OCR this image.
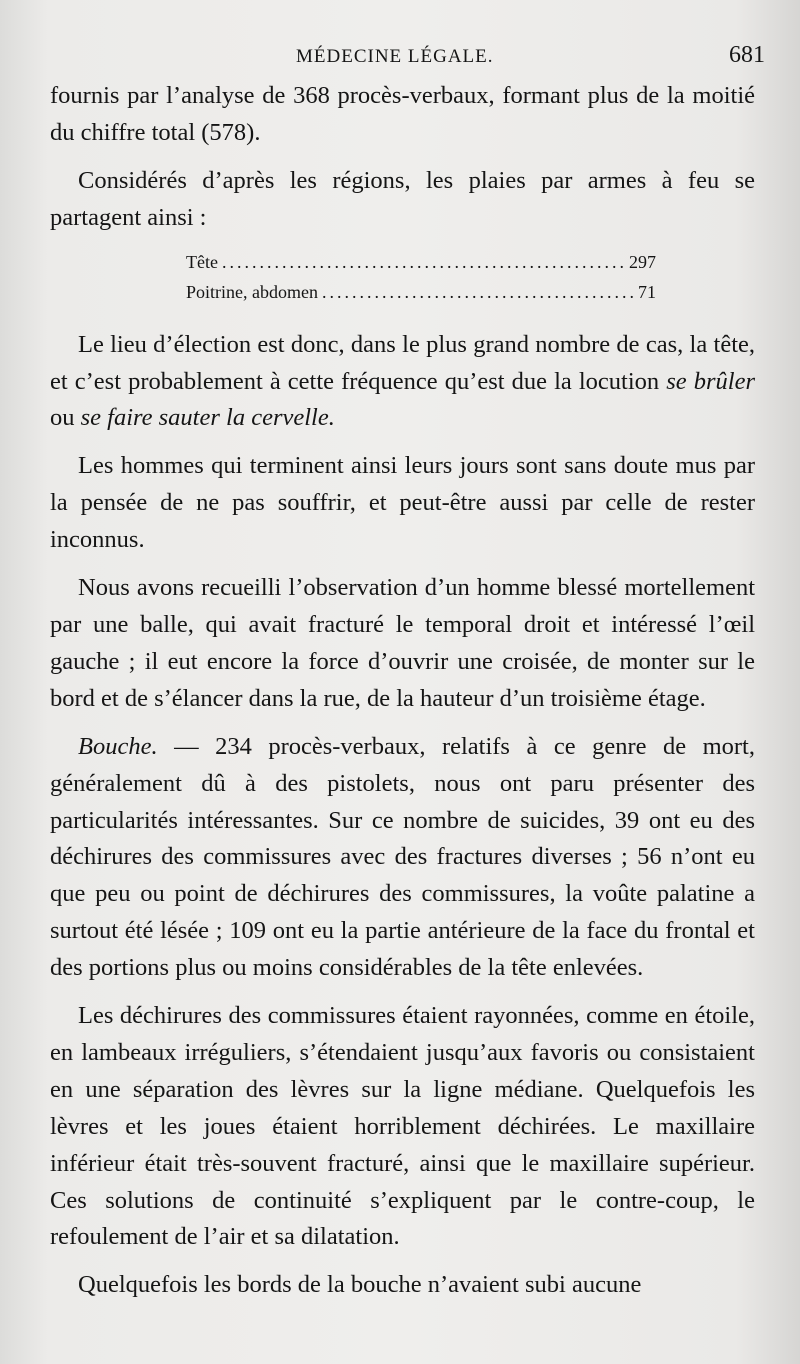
MÉDECINE LÉGALE.	681

fournis par l’analyse de 368 procès-verbaux, formant plus de la moitié du chiffre total (578).

Considérés d’après les régions, les plaies par armes à feu se partagent ainsi :

Tête .....	297
Poitrine, abdomen .....	71

Le lieu d’élection est donc, dans le plus grand nombre de cas, la tête, et c’est probablement à cette fréquence qu’est due la locution se brûler ou se faire sauter la cervelle.

Les hommes qui terminent ainsi leurs jours sont sans doute mus par la pensée de ne pas souffrir, et peut-être aussi par celle de rester inconnus.

Nous avons recueilli l’observation d’un homme blessé mortellement par une balle, qui avait fracturé le temporal droit et intéressé l’œil gauche ; il eut encore la force d’ouvrir une croisée, de monter sur le bord et de s’élancer dans la rue, de la hauteur d’un troisième étage.

Bouche. — 234 procès-verbaux, relatifs à ce genre de mort, généralement dû à des pistolets, nous ont paru présenter des particularités intéressantes. Sur ce nombre de suicides, 39 ont eu des déchirures des commissures avec des fractures diverses ; 56 n’ont eu que peu ou point de déchirures des commissures, la voûte palatine a surtout été lésée ; 109 ont eu la partie antérieure de la face du frontal et des portions plus ou moins considérables de la tête enlevées.

Les déchirures des commissures étaient rayonnées, comme en étoile, en lambeaux irréguliers, s’étendaient jusqu’aux favoris ou consistaient en une séparation des lèvres sur la ligne médiane. Quelquefois les lèvres et les joues étaient horriblement déchirées. Le maxillaire inférieur était très-souvent fracturé, ainsi que le maxillaire supérieur. Ces solutions de continuité s’expliquent par le contre-coup, le refoulement de l’air et sa dilatation.

Quelquefois les bords de la bouche n’avaient subi aucune
